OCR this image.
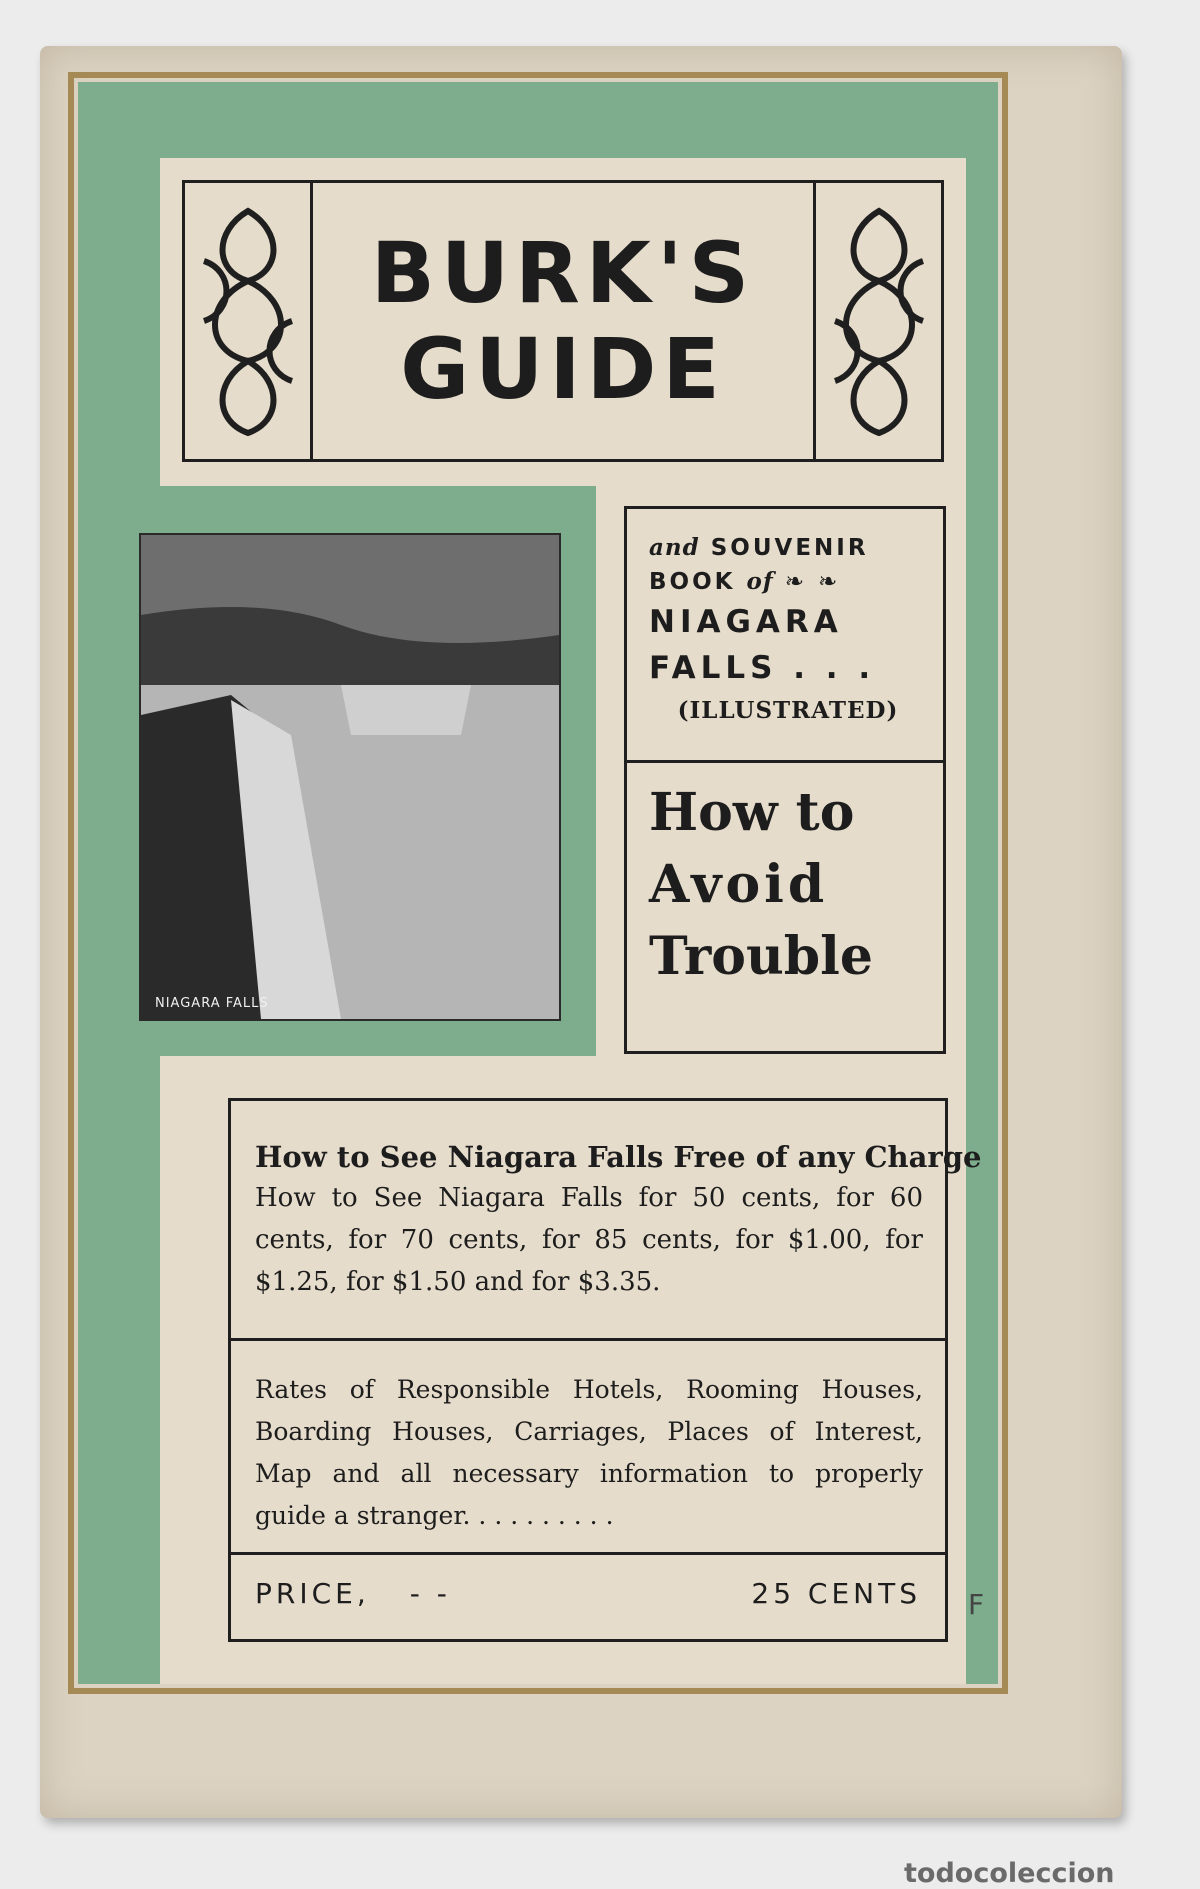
BURK'S
GUIDE
NIAGARA FALLS
and SOUVENIR
BOOK of ❧ ❧
NIAGARA
FALLS . . .
(ILLUSTRATED)
How to
Avoid
Trouble
How to See Niagara Falls Free of any Charge
How to See Niagara Falls for 50 cents, for 60 cents, for 70 cents, for 85 cents, for $1.00, for $1.25, for $1.50 and for $3.35.
Rates of Responsible Hotels, Rooming Houses, Boarding Houses, Carriages, Places of Interest, Map and all necessary information to properly guide a stranger. . . . . . . . . .
PRICE, - -	25 CENTS F
todocoleccion
